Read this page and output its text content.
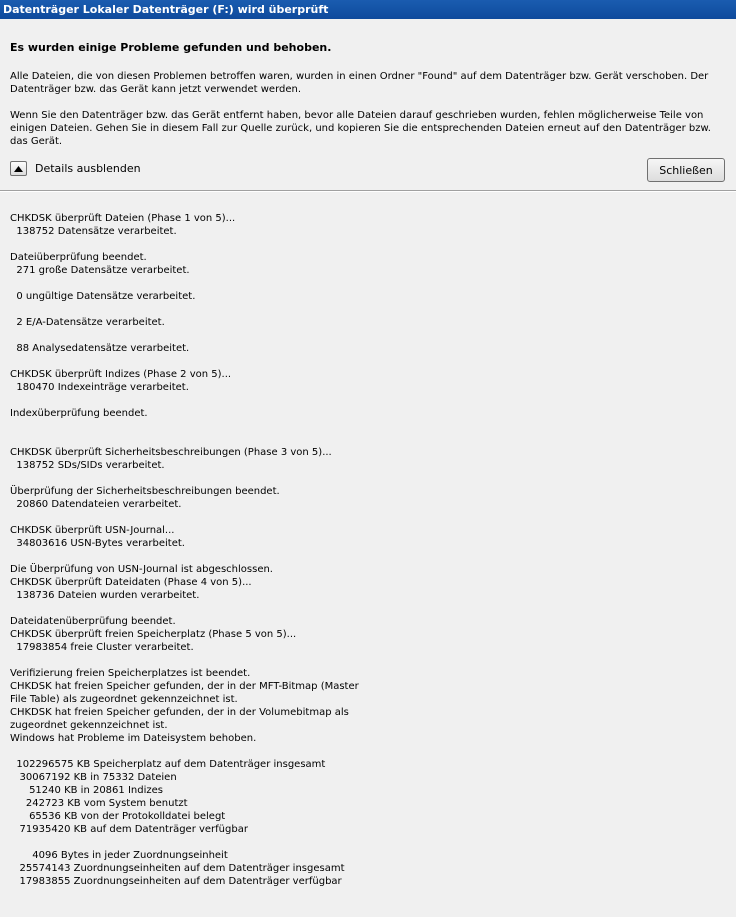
Datenträger Lokaler Datenträger (F:) wird überprüft
Es wurden einige Probleme gefunden und behoben.
Alle Dateien, die von diesen Problemen betroffen waren, wurden in einen Ordner "Found" auf dem Datenträger bzw. Gerät verschoben. Der Datenträger bzw. das Gerät kann jetzt verwendet werden.
Wenn Sie den Datenträger bzw. das Gerät entfernt haben, bevor alle Dateien darauf geschrieben wurden, fehlen möglicherweise Teile von einigen Dateien. Gehen Sie in diesem Fall zur Quelle zurück, und kopieren Sie die entsprechenden Dateien erneut auf den Datenträger bzw. das Gerät.
Details ausblenden	Schließen
CHKDSK überprüft Dateien (Phase 1 von 5)...
138752 Datensätze verarbeitet.

Dateiüberprüfung beendet.
271 große Datensätze verarbeitet.

0 ungültige Datensätze verarbeitet.

2 E/A-Datensätze verarbeitet.

88 Analysedatensätze verarbeitet.

CHKDSK überprüft Indizes (Phase 2 von 5)...
180470 Indexeinträge verarbeitet.

Indexüberprüfung beendet.

CHKDSK überprüft Sicherheitsbeschreibungen (Phase 3 von 5)...
138752 SDs/SIDs verarbeitet.

Überprüfung der Sicherheitsbeschreibungen beendet.
20860 Datendateien verarbeitet.

CHKDSK überprüft USN-Journal...
34803616 USN-Bytes verarbeitet.

Die Überprüfung von USN-Journal ist abgeschlossen.
CHKDSK überprüft Dateidaten (Phase 4 von 5)...
138736 Dateien wurden verarbeitet.

Dateidatenüberprüfung beendet.
CHKDSK überprüft freien Speicherplatz (Phase 5 von 5)...
17983854 freie Cluster verarbeitet.

Verifizierung freien Speicherplatzes ist beendet.
CHKDSK hat freien Speicher gefunden, der in der MFT-Bitmap (Master
File Table) als zugeordnet gekennzeichnet ist.
CHKDSK hat freien Speicher gefunden, der in der Volumebitmap als
zugeordnet gekennzeichnet ist.
Windows hat Probleme im Dateisystem behoben.

102296575 KB Speicherplatz auf dem Datenträger insgesamt
30067192 KB in 75332 Dateien
51240 KB in 20861 Indizes
242723 KB vom System benutzt
65536 KB von der Protokolldatei belegt
71935420 KB auf dem Datenträger verfügbar

4096 Bytes in jeder Zuordnungseinheit
25574143 Zuordnungseinheiten auf dem Datenträger insgesamt
17983855 Zuordnungseinheiten auf dem Datenträger verfügbar
